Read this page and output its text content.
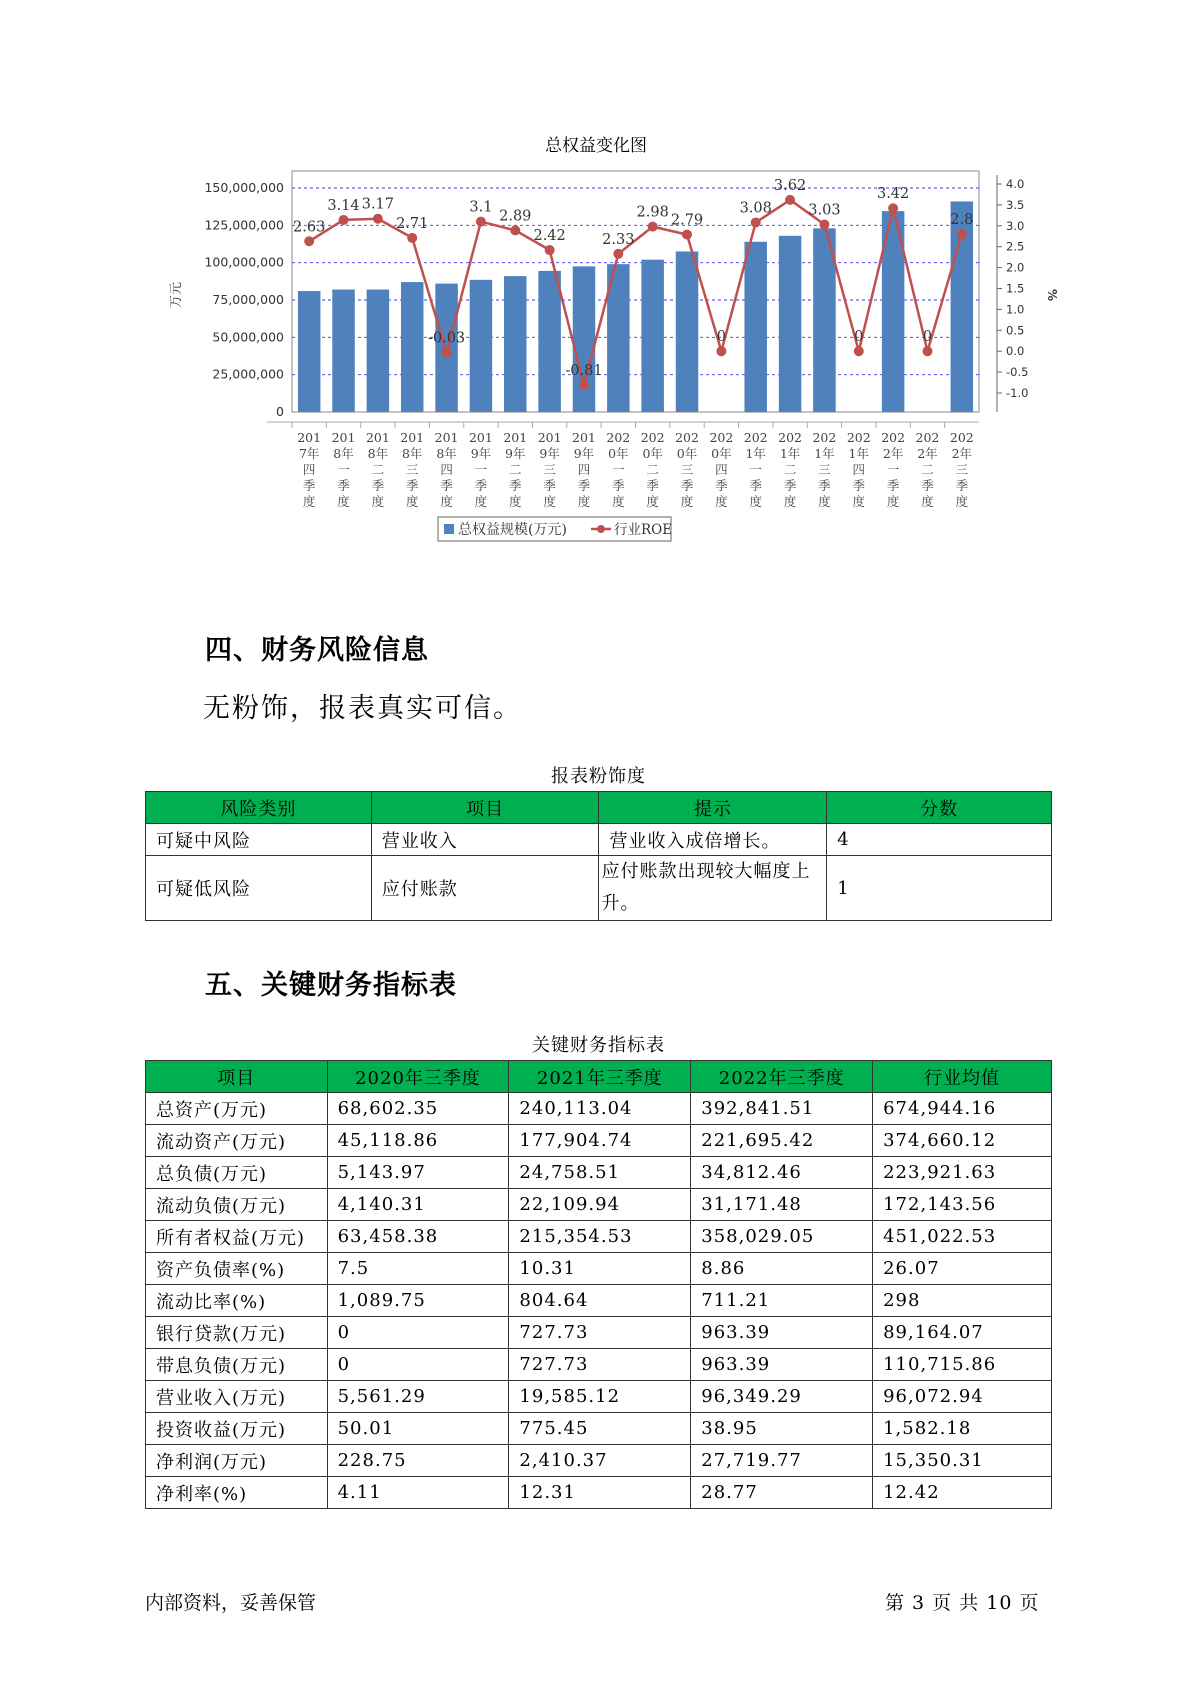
总权益变化图
150,000,000
125,000,000
100,000,000
75,000,000
50,000,000
25,000,000
0
万元
4.0
3.5
3.0
2.5
2.0
1.5
1.0
0.5
0.0
-0.5
-1.0
%
201
7年
四
季
度
201
8年
一
季
度
201
8年
二
季
度
201
8年
三
季
度
201
8年
四
季
度
201
9年
一
季
度
201
9年
二
季
度
201
9年
三
季
度
201
9年
四
季
度
202
0年
一
季
度
202
0年
二
季
度
202
0年
三
季
度
202
0年
四
季
度
202
1年
一
季
度
202
1年
二
季
度
202
1年
三
季
度
202
1年
四
季
度
202
2年
一
季
度
202
2年
二
季
度
202
2年
三
季
度
2.63
3.14 3.17
2.71
-0.03
3.1
2.89
2.42
-0.81
2.33
2.98 2.79
0
3.08
3.62
3.03
0
3.42
0
2.8
总权益规模(万元)	行业ROE
四、财务风险信息
无粉饰，报表真实可信。
报表粉饰度
风险类别	项目	提示	分数
可疑中风险	营业收入	营业收入成倍增长。	4
可疑低风险	应付账款	应付账款出现较大幅度上升。	1
五、关键财务指标表
关键财务指标表
项目	2020年三季度	2021年三季度	2022年三季度	行业均值
总资产(万元)	68,602.35	240,113.04	392,841.51	674,944.16
流动资产(万元)	45,118.86	177,904.74	221,695.42	374,660.12
总负债(万元)	5,143.97	24,758.51	34,812.46	223,921.63
流动负债(万元)	4,140.31	22,109.94	31,171.48	172,143.56
所有者权益(万元)	63,458.38	215,354.53	358,029.05	451,022.53
资产负债率(%)	7.5	10.31	8.86	26.07
流动比率(%)	1,089.75	804.64	711.21	298
银行贷款(万元)	0	727.73	963.39	89,164.07
带息负债(万元)	0	727.73	963.39	110,715.86
营业收入(万元)	5,561.29	19,585.12	96,349.29	96,072.94
投资收益(万元)	50.01	775.45	38.95	1,582.18
净利润(万元)	228.75	2,410.37	27,719.77	15,350.31
净利率(%)	4.11	12.31	28.77	12.42
内部资料，妥善保管	第 3 页 共 10 页
